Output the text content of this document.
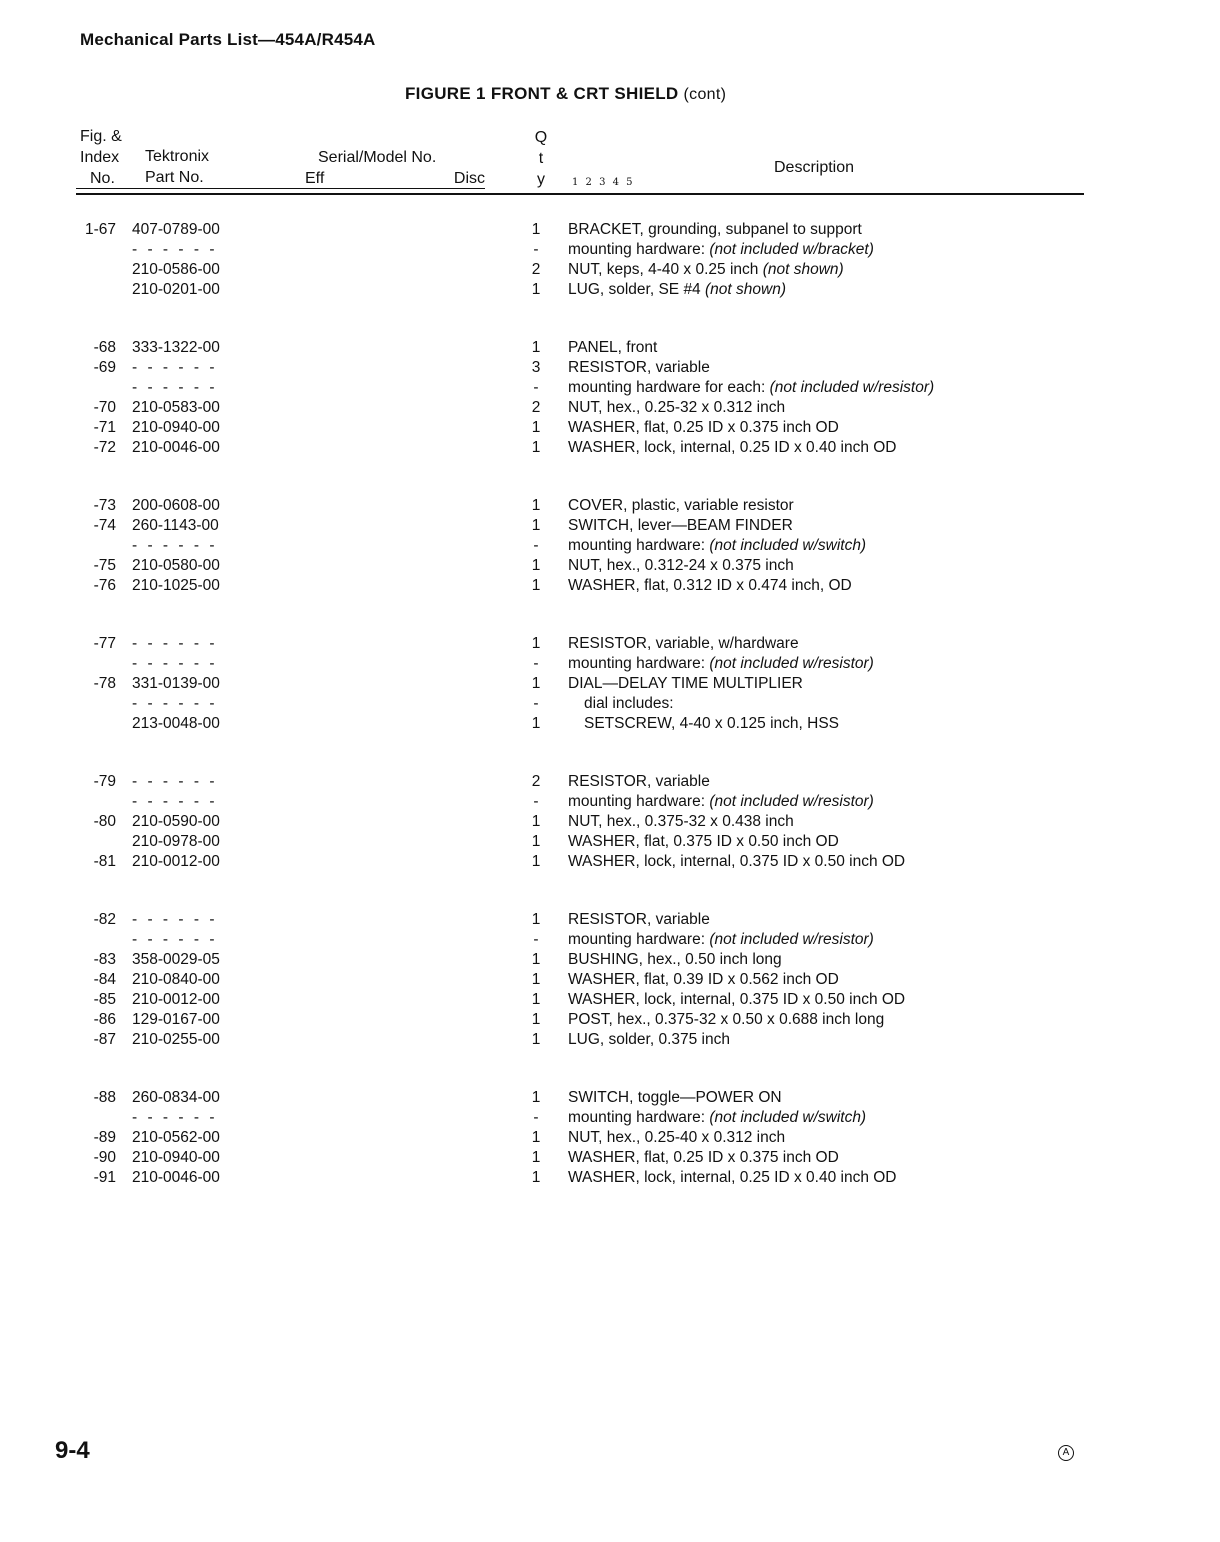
Mechanical Parts List—454A/R454A
FIGURE 1 FRONT & CRT SHIELD (cont)
Fig. &
Index
No.
Tektronix
Part No.
Serial/Model No.
Eff	Disc
Q
t
y	1 2 3 4 5
Description
1-67 407-0789-00	1 BRACKET, grounding, subpanel to support
- - - - - -	-	mounting hardware: (not included w/bracket)
210-0586-00	2 NUT, keps, 4-40 x 0.25 inch (not shown)
210-0201-00	1 LUG, solder, SE #4 (not shown)
-68 333-1322-00	1 PANEL, front
-69 - - - - - -	3 RESISTOR, variable
- - - - - -	-	mounting hardware for each: (not included w/resistor)
-70 210-0583-00	2 NUT, hex., 0.25-32 x 0.312 inch
-71 210-0940-00	1 WASHER, flat, 0.25 ID x 0.375 inch OD
-72 210-0046-00	1 WASHER, lock, internal, 0.25 ID x 0.40 inch OD
-73 200-0608-00	1 COVER, plastic, variable resistor
-74 260-1143-00	1 SWITCH, lever—BEAM FINDER
- - - - - -	-	mounting hardware: (not included w/switch)
-75 210-0580-00	1 NUT, hex., 0.312-24 x 0.375 inch
-76 210-1025-00	1 WASHER, flat, 0.312 ID x 0.474 inch, OD
-77 - - - - - -	1 RESISTOR, variable, w/hardware
- - - - - -	-	mounting hardware: (not included w/resistor)
-78 331-0139-00	1 DIAL—DELAY TIME MULTIPLIER
- - - - - -	-	dial includes:
213-0048-00	1	SETSCREW, 4-40 x 0.125 inch, HSS
-79 - - - - - -	2 RESISTOR, variable
- - - - - -	-	mounting hardware: (not included w/resistor)
-80 210-0590-00	1 NUT, hex., 0.375-32 x 0.438 inch
210-0978-00	1 WASHER, flat, 0.375 ID x 0.50 inch OD
-81 210-0012-00	1 WASHER, lock, internal, 0.375 ID x 0.50 inch OD
-82 - - - - - -	1 RESISTOR, variable
- - - - - -	-	mounting hardware: (not included w/resistor)
-83 358-0029-05	1 BUSHING, hex., 0.50 inch long
-84 210-0840-00	1 WASHER, flat, 0.39 ID x 0.562 inch OD
-85 210-0012-00	1 WASHER, lock, internal, 0.375 ID x 0.50 inch OD
-86 129-0167-00	1 POST, hex., 0.375-32 x 0.50 x 0.688 inch long
-87 210-0255-00	1 LUG, solder, 0.375 inch
-88 260-0834-00	1 SWITCH, toggle—POWER ON
- - - - - -	-	mounting hardware: (not included w/switch)
-89 210-0562-00	1 NUT, hex., 0.25-40 x 0.312 inch
-90 210-0940-00	1 WASHER, flat, 0.25 ID x 0.375 inch OD
-91 210-0046-00	1 WASHER, lock, internal, 0.25 ID x 0.40 inch OD
9-4	A
